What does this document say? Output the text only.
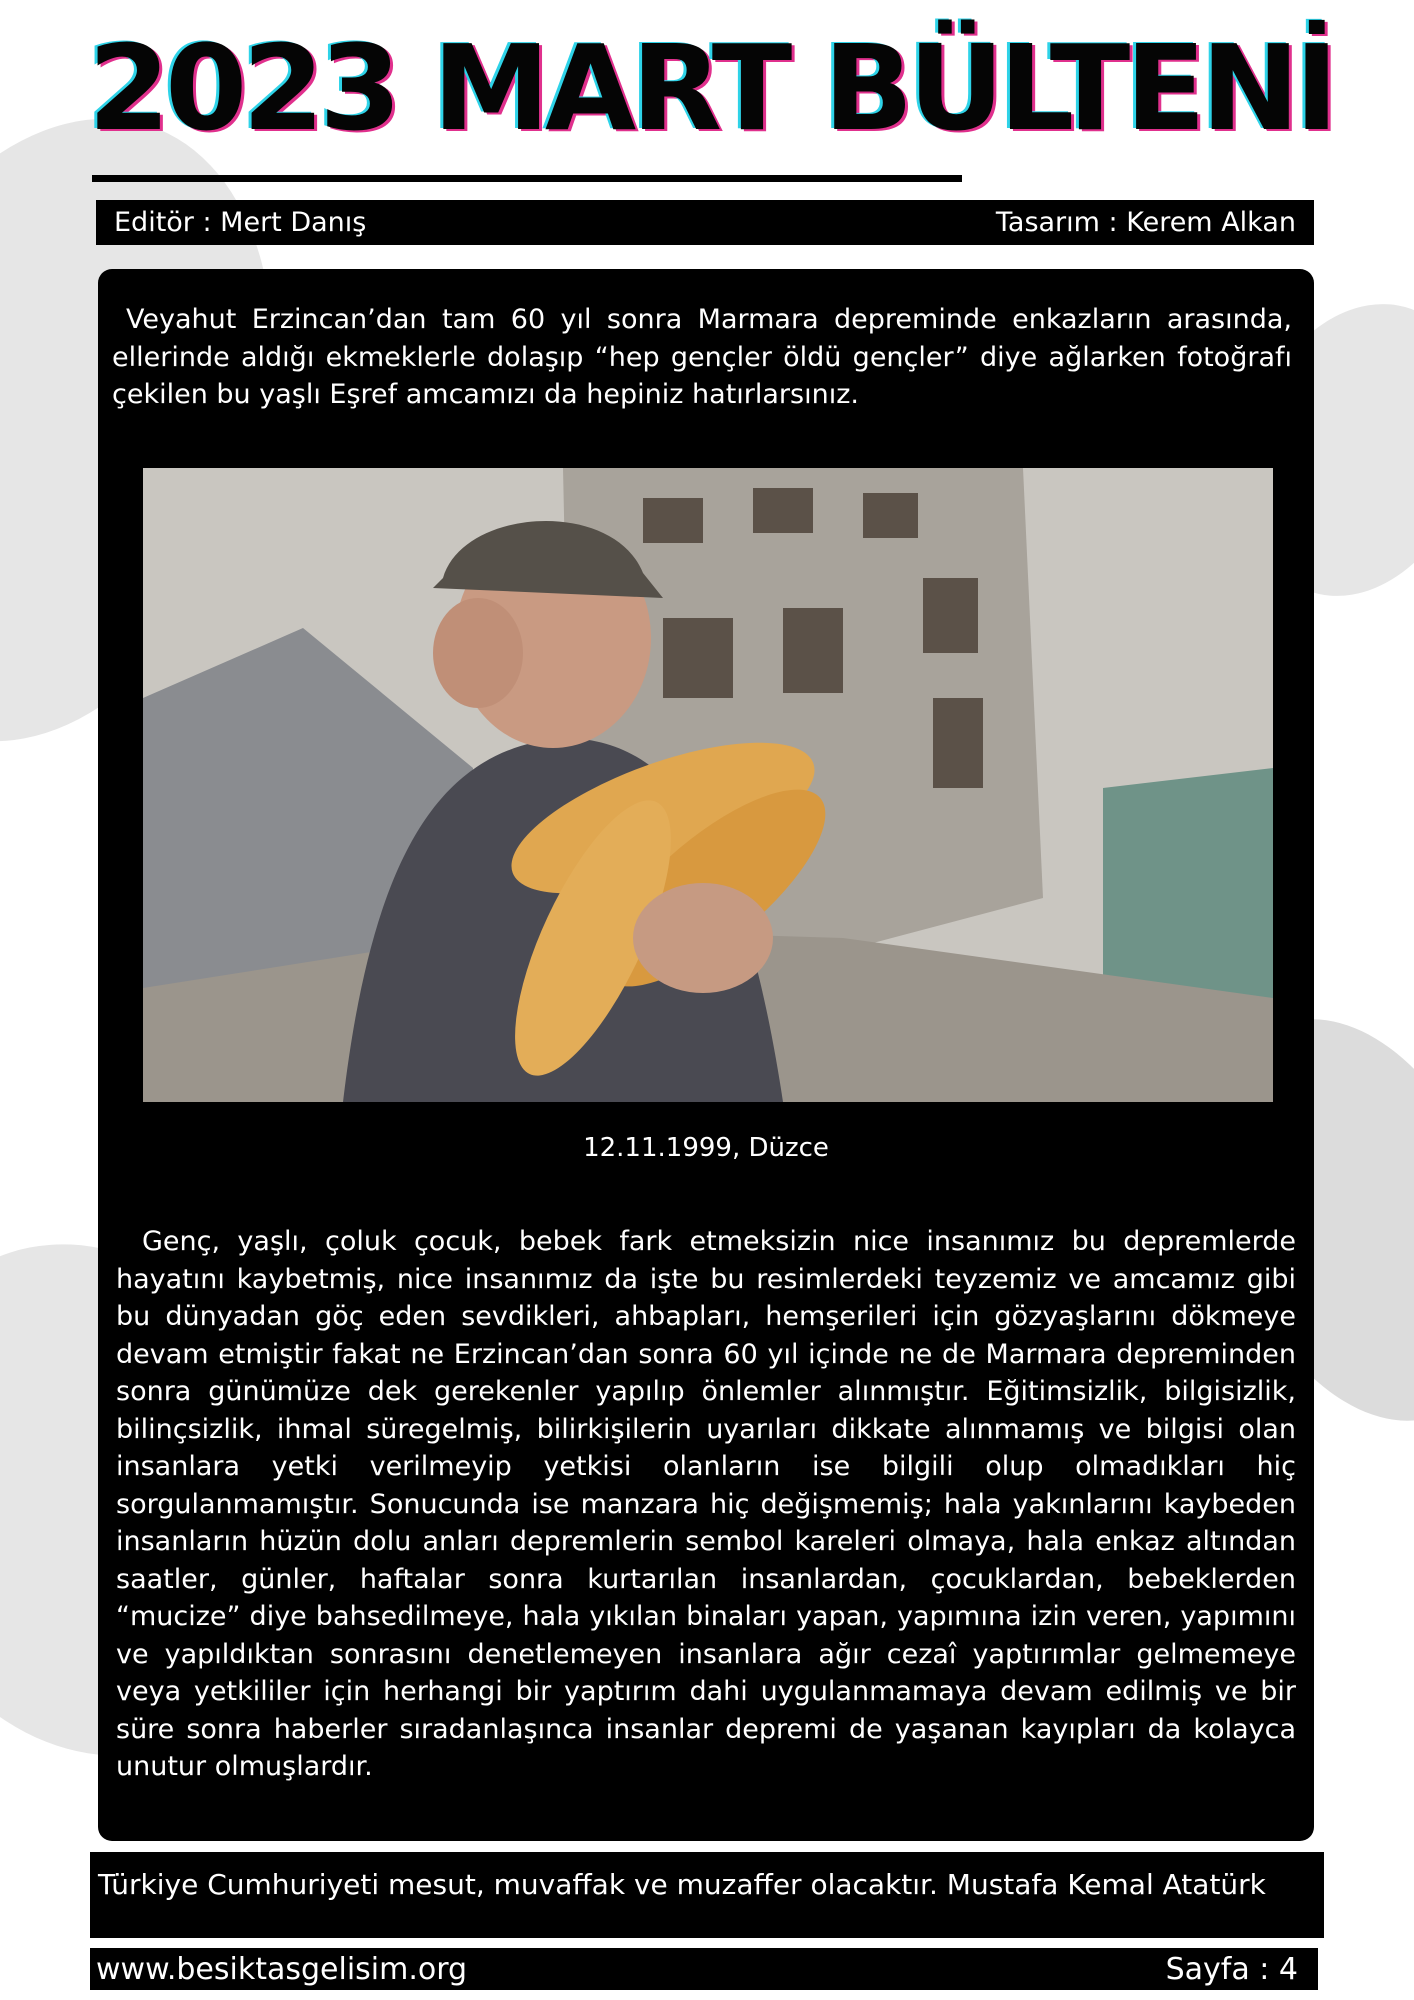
2023 MART BÜLTENİ
Editör : Mert Danış	Tasarım : Kerem Alkan

Veyahut Erzincan’dan tam 60 yıl sonra Marmara depreminde enkazların arasında, ellerinde aldığı ekmeklerle dolaşıp “hep gençler öldü gençler” diye ağlarken fotoğrafı çekilen bu yaşlı Eşref amcamızı da hepiniz hatırlarsınız.

12.11.1999, Düzce

Genç, yaşlı, çoluk çocuk, bebek fark etmeksizin nice insanımız bu depremlerde hayatını kaybetmiş, nice insanımız da işte bu resimlerdeki teyzemiz ve amcamız gibi bu dünyadan göç eden sevdikleri, ahbapları, hemşerileri için gözyaşlarını dökmeye devam etmiştir fakat ne Erzincan’dan sonra 60 yıl içinde ne de Marmara depreminden sonra günümüze dek gerekenler yapılıp önlemler alınmıştır. Eğitimsizlik, bilgisizlik, bilinçsizlik, ihmal süregelmiş, bilirkişilerin uyarıları dikkate alınmamış ve bilgisi olan insanlara yetki verilmeyip yetkisi olanların ise bilgili olup olmadıkları hiç sorgulanmamıştır. Sonucunda ise manzara hiç değişmemiş; hala yakınlarını kaybeden insanların hüzün dolu anları depremlerin sembol kareleri olmaya, hala enkaz altından saatler, günler, haftalar sonra kurtarılan insanlardan, çocuklardan, bebeklerden “mucize” diye bahsedilmeye, hala yıkılan binaları yapan, yapımına izin veren, yapımını ve yapıldıktan sonrasını denetlemeyen insanlara ağır cezaî yaptırımlar gelmemeye veya yetkililer için herhangi bir yaptırım dahi uygulanmamaya devam edilmiş ve bir süre sonra haberler sıradanlaşınca insanlar depremi de yaşanan kayıpları da kolayca unutur olmuşlardır.

Türkiye Cumhuriyeti mesut, muvaffak ve muzaffer olacaktır. Mustafa Kemal Atatürk
www.besiktasgelisim.org	Sayfa : 4
